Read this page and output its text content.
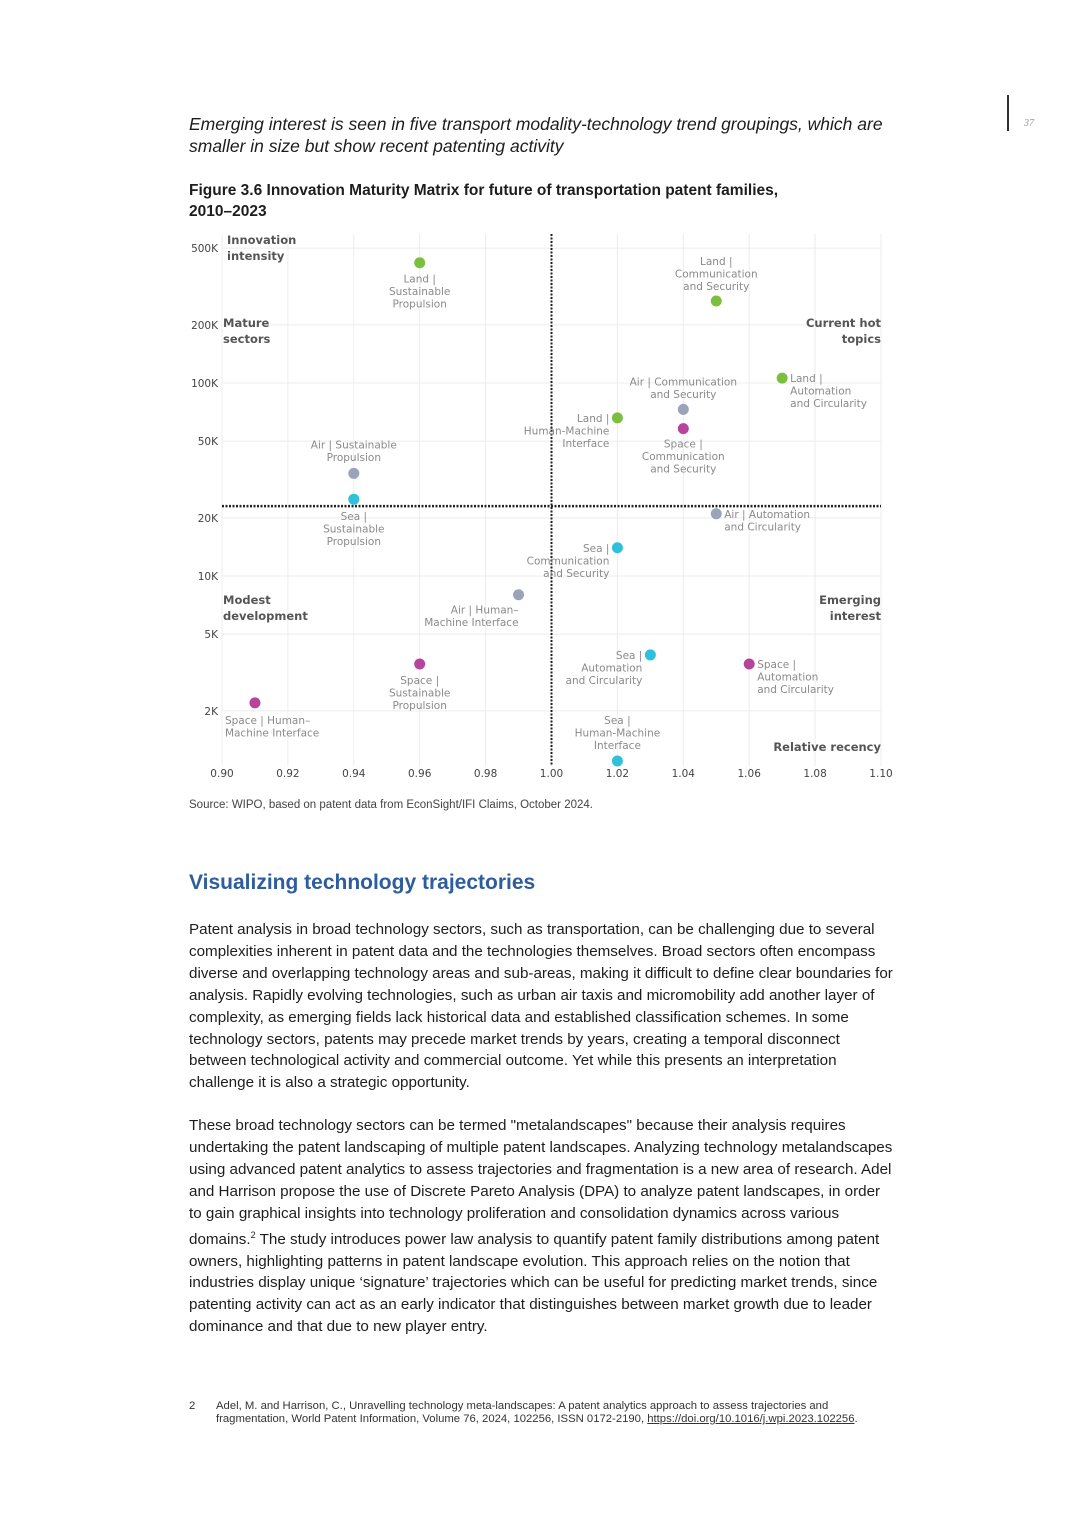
37
Emerging interest is seen in five transport modality-technology trend groupings, which are smaller in size but show recent patenting activity
Figure 3.6 Innovation Maturity Matrix for future of transportation patent families, 2010–2023
0.90	0.92	0.94	0.96	0.98	1.00	1.02	1.04	1.06	1.08	1.10
500K
200K
100K
50K
20K
10K
5K
2K
Innovation intensity
Mature sectors
Current hot topics
Modest development
Emerging interest
Relative recency
Land | Sustainable Propulsion
Land | Communication and Security
Land | Automation and Circularity
Air | Communication and Security
Land | Human-Machine Interface	Space | Communication and Security
Air | Sustainable Propulsion
Sea | Sustainable Propulsion
Air | Automation and Circularity
Sea | Communication and Security
Air | Human– Machine Interface
Sea | Automation and Circularity
Space | Automation and Circularity
Space | Sustainable Propulsion
Space | Human– Machine Interface
Sea | Human-Machine Interface
Source: WIPO, based on patent data from EconSight/IFI Claims, October 2024.
Visualizing technology trajectories
Patent analysis in broad technology sectors, such as transportation, can be challenging due to several complexities inherent in patent data and the technologies themselves. Broad sectors often encompass diverse and overlapping technology areas and sub-areas, making it difficult to define clear boundaries for analysis. Rapidly evolving technologies, such as urban air taxis and micromobility add another layer of complexity, as emerging fields lack historical data and established classification schemes. In some technology sectors, patents may precede market trends by years, creating a temporal disconnect between technological activity and commercial outcome. Yet while this presents an interpretation challenge it is also a strategic opportunity.
These broad technology sectors can be termed "metalandscapes" because their analysis requires undertaking the patent landscaping of multiple patent landscapes. Analyzing technology metalandscapes using advanced patent analytics to assess trajectories and fragmentation is a new area of research. Adel and Harrison propose the use of Discrete Pareto Analysis (DPA) to analyze patent landscapes, in order to gain graphical insights into technology proliferation and consolidation dynamics across various domains.$^2$ The study introduces power law analysis to quantify patent family distributions among patent owners, highlighting patterns in patent landscape evolution. This approach relies on the notion that industries display unique ‘signature’ trajectories which can be useful for predicting market trends, since patenting activity can act as an early indicator that distinguishes between market growth due to leader dominance and that due to new player entry.
2 Adel, M. and Harrison, C., Unravelling technology meta-landscapes: A patent analytics approach to assess trajectories and fragmentation, World Patent Information, Volume 76, 2024, 102256, ISSN 0172-2190, https://doi.org/10.1016/j.wpi.2023.102256.
